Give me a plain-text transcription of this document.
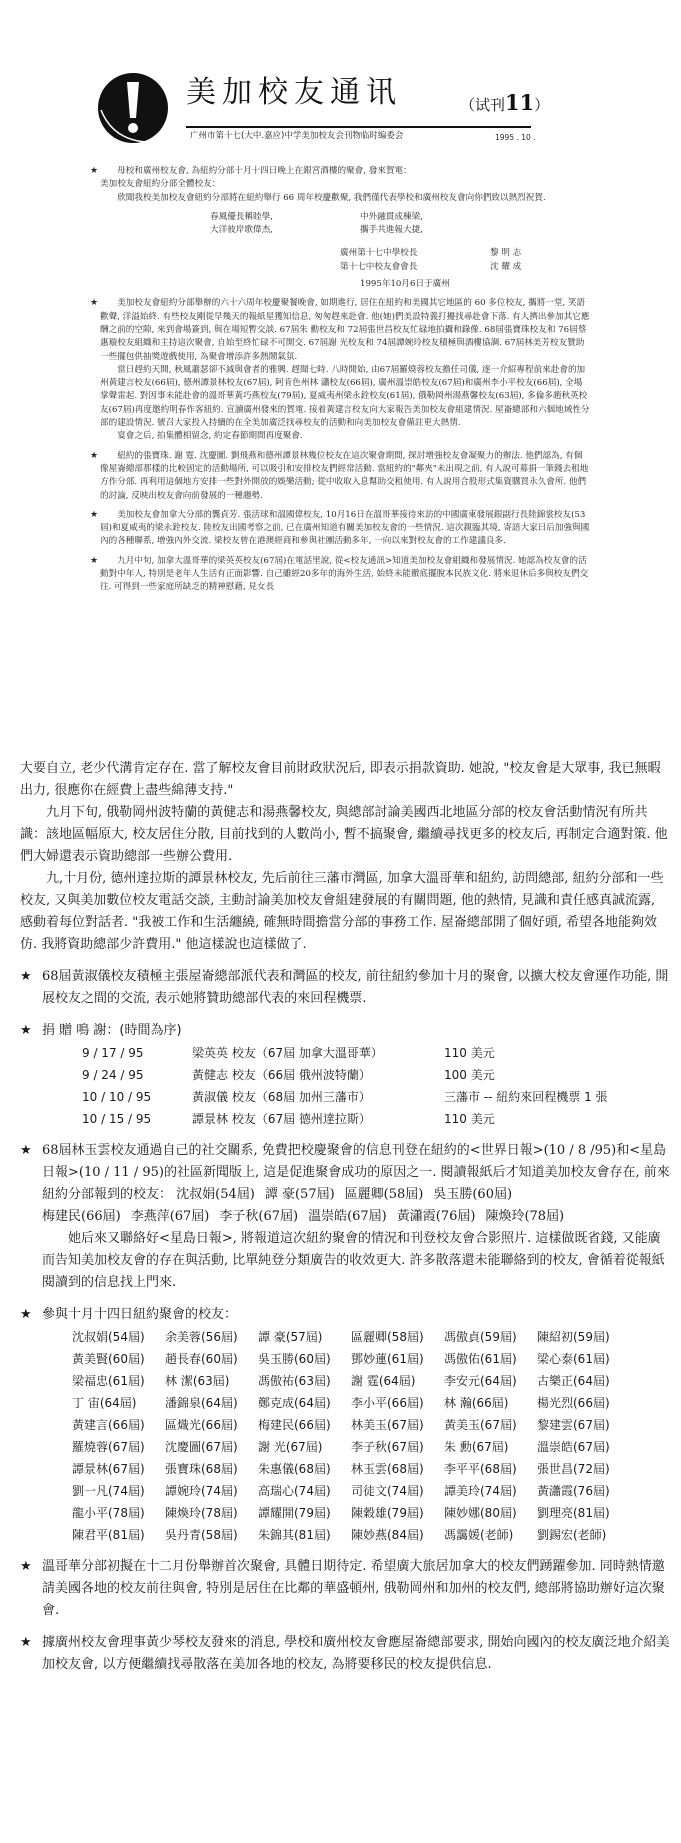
美加校友通讯	（试刊11）
广州市第十七(大中.嘉应)中学美加校友会刊物临时编委会	1995 . 10 .
★	母校和廣州校友會, 為紐約分部十月十四日晚上在銀宮酒樓的聚會, 發來賀電：

美加校友會紐約分部全體校友：

欣聞我校美加校友會紐約分部將在紐約舉行 66 周年校慶歡聚, 我們僅代表學校和廣州校友會向你們致以熱烈祝賀.

春風優長稱睦學,
大洋彼岸歌偉杰,
中外融貫成棟梁,
攜手共進報大捷,
廣州第十七中學校長	黎 明 志
第十七中校友會會長	沈 耀 成
1995年10月6日于廣州
★	美加校友會紐約分部舉辦的六十六周年校慶聚餐晚會, 如期進行, 居住在紐約和美國其它地區的 60 多位校友, 攜將一堂, 笑語歡聲, 洋溢始終. 有些校友剛從早幾天的報紙星獲知信息, 匆匆趕來赴會. 他(她)們美設特義打擾找尋赴會下落. 有人擠出參加其它應酬之前的空隙, 來到會場簽到, 與在場短暫交談. 67屆朱 勳校友和 72屆張世昌校友忙碌地拍攝和錄像. 68屆張寶珠校友和 76屆蔡惠璇校友組織和主持這次聚會, 自始至終忙碌不可開交. 67屆謝 光校友和 74屆譚婉玲校友積極與酒樓協調. 67屆林美芳校友贊助一些擺包供抽獎遊戲使用, 為聚會增添許多熱鬧氣氛.

當日趕約天開, 秋風蕭瑟卻不減與會者的雅興. 趕聞七時. 八時開始, 由67屆羅燒蓉校友擔任司儀, 逐一介紹專程前來赴會的加州黃建言校友(66屆), 德州譚景林校友(67屆), 阿肯色州林 瀟校友(66屆), 廣州溫崇皓校友(67屆)和廣州李小平校友(66屆), 全場掌聲雷起. 對因事未能赴會的溫哥華黃巧燕校友(79屆), 夏威夷州梁永銓校友(61屆), 俄勒岡州湯燕馨校友(63屆), 多倫多趙秋英校友(67屆)再度邀約明春作客紐約. 宣讀廣州發來的賀電. 接着黃建言校友向大家報告美加校友會組建情況. 屋崙總部和六個地域性分部的建設情況. 號召大家投入持續的在全美加廣泛找尋校友的活動和向美加校友會備註更大熱情.

宴會之后, 拍集體相留念, 約定春節期間再度聚會.

★	紐約的張寶珠. 謝 霆. 沈慶圖. 劉飛燕和德州譚景林幾位校友在這次聚會期間, 探討增強校友會凝聚力的辦法. 他們認為, 有個像屋崙總部那樣的比較固定的活動場所, 可以吸引和安排校友們經常活動. 當紐約的"鄰夾"未出現之前, 有人說可募捐一筆錢去租地方作分部. 再利用這個地方安排一些對外開放的娛樂活動; 從中收取入息幫助交租使用. 有人說用合股形式集資購買永久會所. 他們的討論, 反映出校友會向前發展的一種趨勢.

★	美加校友會加拿大分部的龔貞芳. 張活球和溫國偉校友, 10月16日在溫哥華接待來訪的中國廣東發展銀副行長陸錦裳校友(53屆)和夏威夷的梁永銓校友. 陸校友出國考察之前, 已在廣州知道有關美加校友會的一些情況. 這次親臨其境, 寄語大家日后加強與國內的各種聯系, 增強內外交流. 梁校友曾在港澳經商和參與社團活動多年, 一向以來對校友會的工作建議良多.

★	九月中旬, 加拿大溫哥華的梁英英校友(67屆)在電話里說, 從<校友通訊>知道美加校友會組織和發展情況. 她認為校友會的活動對中年人, 特別是老年人生活有正面影響. 自己雖經20多年的海外生活, 始終未能徹底擺脫本民族文化. 將來退休后多與校友們交往. 可得到一些家庭所缺乏的精神慰藉, 見女長

大要自立, 老少代溝肯定存在. 當了解校友會目前財政狀況后, 即表示捐款資助. 她說, "校友會是大眾事, 我已無暇出力, 很應你在經費上盡些綿薄支持."

九月下旬, 俄勒岡州波特蘭的黃健志和湯燕馨校友, 與總部討論美國西北地區分部的校友會活動情況有所共識：該地區幅原大, 校友居住分散, 目前找到的人數尚小, 暫不搞聚會, 繼續尋找更多的校友后, 再制定合適對策. 他們大婦還表示資助總部一些辦公費用.

九,十月份, 德州達拉斯的譚景林校友, 先后前往三藩市灣區, 加拿大溫哥華和紐約, 訪問總部, 紐約分部和一些校友, 又與美加數位校友電話交談, 主動討論美加校友會組建發展的有關問題, 他的熱情, 見識和責任感真誠流露, 感動着每位對話者. "我被工作和生活纏繞, 確無時間擔當分部的事務工作. 屋崙總部開了個好頭, 希望各地能夠效仿. 我將資助總部少許費用." 他這樣說也這樣做了.

★ 68屆黃淑儀校友積極主張屋崙總部派代表和灣區的校友, 前往紐約參加十月的聚會, 以擴大校友會運作功能, 開展校友之間的交流, 表示她將贊助總部代表的來回程機票.

★ 捐 贈 鳴 謝：(時間為序)

9 / 17 / 95	梁英英 校友（67屆 加拿大溫哥華）	110 美元
9 / 24 / 95	黃健志 校友（66屆 俄州波特蘭）	100 美元
10 / 10 / 95	黃淑儀 校友（68屆 加州三藩市）	三藩市 -- 紐約來回程機票 1 張
10 / 15 / 95	譚景林 校友（67屆 德州達拉斯）	110 美元
★ 68屆林玉雲校友通過自己的社交關系, 免費把校慶聚會的信息刊登在紐約的<世界日報>(10 / 8 /95)和<星島日報>(10 / 11 / 95)的社區新聞版上, 這是促進聚會成功的原因之一. 閱讀報紙后才知道美加校友會存在, 前來紐約分部報到的校友： 沈叔娟(54屆) 譚 豪(57屆) 區麗卿(58屆) 吳玉勝(60屆)

梅建民(66屆) 李燕萍(67屆) 李子秋(67屆) 溫崇皓(67屆) 黃瀟霞(76屆) 陳煥玲(78屆)

她后來又聯絡好<星島日報>, 將報道這次紐約聚會的情況和刊登校友會合影照片. 這樣做既省錢, 又能廣而告知美加校友會的存在與活動, 比單純登分類廣告的收效更大. 許多散落還未能聯絡到的校友, 會循着從報紙閱讀到的信息找上門來.

★ 參與十月十四日紐約聚會的校友：

沈叔娟(54屆)	余美蓉(56屆)	譚 豪(57屆)	區麗卿(58屆)	馮傲貞(59屆)	陳紹初(59屆)
黃美賢(60屆)	趙長春(60屆)	吳玉勝(60屆)	鄧妙蓮(61屆)	馮傲佑(61屆)	梁心泰(61屆)
梁福忠(61屆)	林 潔(63屆)	馮傲祐(63屆)	謝 霆(64屆)	李安元(64屆)	古樂正(64屆)
丁 宙(64屆)	潘錦泉(64屆)	鄭克成(64屆)	李小平(66屆)	林 瀚(66屆)	楊光烈(66屆)
黃建言(66屆)	區熾光(66屆)	梅建民(66屆)	林美玉(67屆)	黃美玉(67屆)	黎建雲(67屆)
羅燒蓉(67屆)	沈慶圖(67屆)	謝 光(67屆)	李子秋(67屆)	朱 勳(67屆)	溫崇皓(67屆)
譚景林(67屆)	張寶珠(68屆)	朱惠儀(68屆)	林玉雲(68屆)	李平平(68屆)	張世昌(72屆)
劉一凡(74屆)	譚婉玲(74屆)	高瑞心(74屆)	司徒文(74屆)	譚美玲(74屆)	黃瀟霞(76屆)
龍小平(78屆)	陳煥玲(78屆)	譚耀開(79屆)	陳穀雄(79屆)	陳妙娜(80屆)	劉理亮(81屆)
陳君平(81屆)	吳丹青(58屆)	朱錦其(81屆)	陳妙燕(84屆)	馮靄媛(老師)	劉錫宏(老師)
★ 溫哥華分部初擬在十二月份舉辦首次聚會, 具體日期待定. 希望廣大旅居加拿大的校友們踴躍參加. 同時熱情邀請美國各地的校友前往與會, 特別是居住在比鄰的華盛頓州, 俄勒岡州和加州的校友們, 總部將協助辦好這次聚會.

★ 據廣州校友會理事黃少琴校友發來的消息, 學校和廣州校友會應屋崙總部要求, 開始向國內的校友廣泛地介紹美加校友會, 以方便繼續找尋散落在美加各地的校友, 為將要移民的校友提供信息.
